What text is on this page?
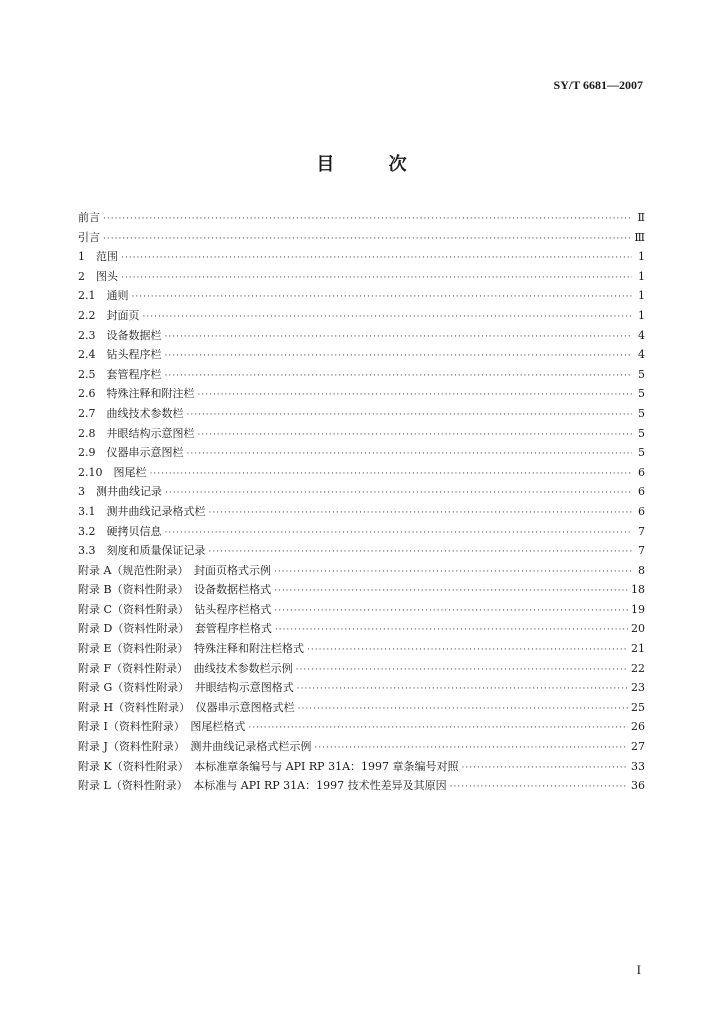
SY/T 6681—2007
目	次
前言 ·····	Ⅱ
引言 ·····	Ⅲ
1　范围 ·····	1
2　图头 ·····	1
2.1　通则 ·····	1
2.2　封面页 ·····	1
2.3　设备数据栏 ·····	4
2.4　钻头程序栏 ·····	4
2.5　套管程序栏 ·····	5
2.6　特殊注释和附注栏 ·····	5
2.7　曲线技术参数栏 ·····	5
2.8　井眼结构示意图栏 ·····	5
2.9　仪器串示意图栏 ·····	5
2.10　图尾栏 ·····	6
3　测井曲线记录 ·····	6
3.1　测井曲线记录格式栏 ·····	6
3.2　硬拷贝信息 ·····	7
3.3　刻度和质量保证记录 ·····	7
附录 A（规范性附录）　封面页格式示例 ·····	8
附录 B（资料性附录）　设备数据栏格式 ·····	18
附录 C（资料性附录）　钻头程序栏格式 ·····	19
附录 D（资料性附录）　套管程序栏格式 ·····	20
附录 E（资料性附录）　特殊注释和附注栏格式 ·····	21
附录 F（资料性附录）　曲线技术参数栏示例 ·····	22
附录 G（资料性附录）　井眼结构示意图格式 ·····	23
附录 H（资料性附录）　仪器串示意图格式栏 ·····	25
附录 I（资料性附录）　图尾栏格式 ·····	26
附录 J（资料性附录）　测井曲线记录格式栏示例 ·····	27
附录 K（资料性附录）　本标准章条编号与 API RP 31A：1997 章条编号对照 ·····	33
附录 L（资料性附录）　本标准与 API RP 31A：1997 技术性差异及其原因 ·····	36
I
